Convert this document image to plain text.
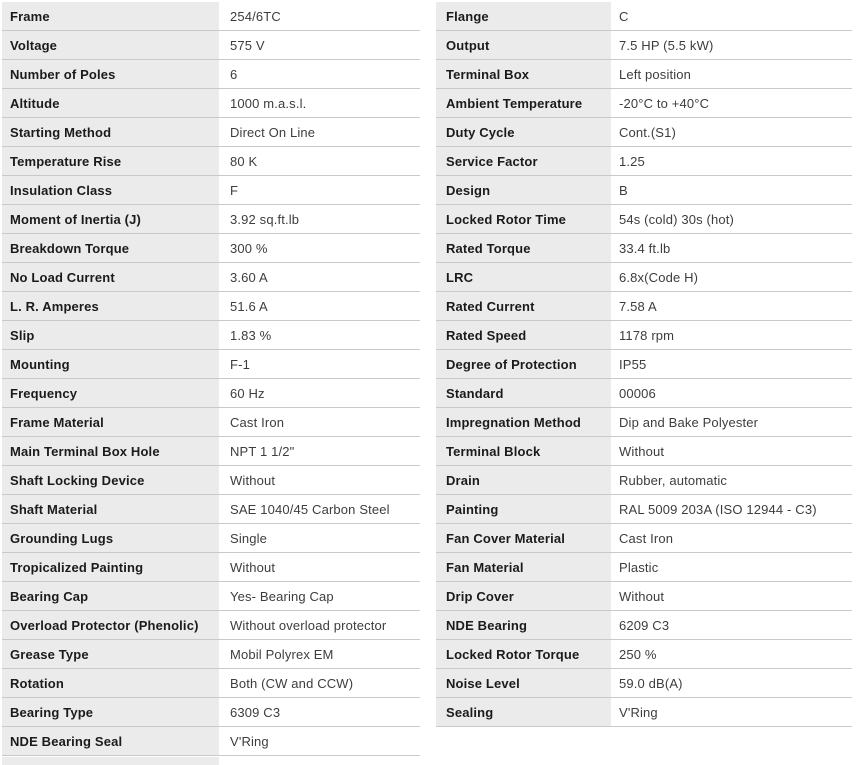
Frame	254/6TC
Voltage	575 V
Number of Poles	6
Altitude	1000 m.a.s.l.
Starting Method	Direct On Line
Temperature Rise	80 K
Insulation Class	F
Moment of Inertia (J)	3.92 sq.ft.lb
Breakdown Torque	300 %
No Load Current	3.60 A
L. R. Amperes	51.6 A
Slip	1.83 %
Mounting	F-1
Frequency	60 Hz
Frame Material	Cast Iron
Main Terminal Box Hole	NPT 1 1/2"
Shaft Locking Device	Without
Shaft Material	SAE 1040/45 Carbon Steel
Grounding Lugs	Single
Tropicalized Painting	Without
Bearing Cap	Yes- Bearing Cap
Overload Protector (Phenolic)	Without overload protector
Grease Type	Mobil Polyrex EM
Rotation	Both (CW and CCW)
Bearing Type	6309 C3
NDE Bearing Seal	V'Ring
Flange	C
Output	7.5 HP (5.5 kW)
Terminal Box	Left position
Ambient Temperature	-20°C to +40°C
Duty Cycle	Cont.(S1)
Service Factor	1.25
Design	B
Locked Rotor Time	54s (cold) 30s (hot)
Rated Torque	33.4 ft.lb
LRC	6.8x(Code H)
Rated Current	7.58 A
Rated Speed	1178 rpm
Degree of Protection	IP55
Standard	00006
Impregnation Method	Dip and Bake Polyester
Terminal Block	Without
Drain	Rubber, automatic
Painting	RAL 5009 203A (ISO 12944 - C3)
Fan Cover Material	Cast Iron
Fan Material	Plastic
Drip Cover	Without
NDE Bearing	6209 C3
Locked Rotor Torque	250 %
Noise Level	59.0 dB(A)
Sealing	V'Ring
